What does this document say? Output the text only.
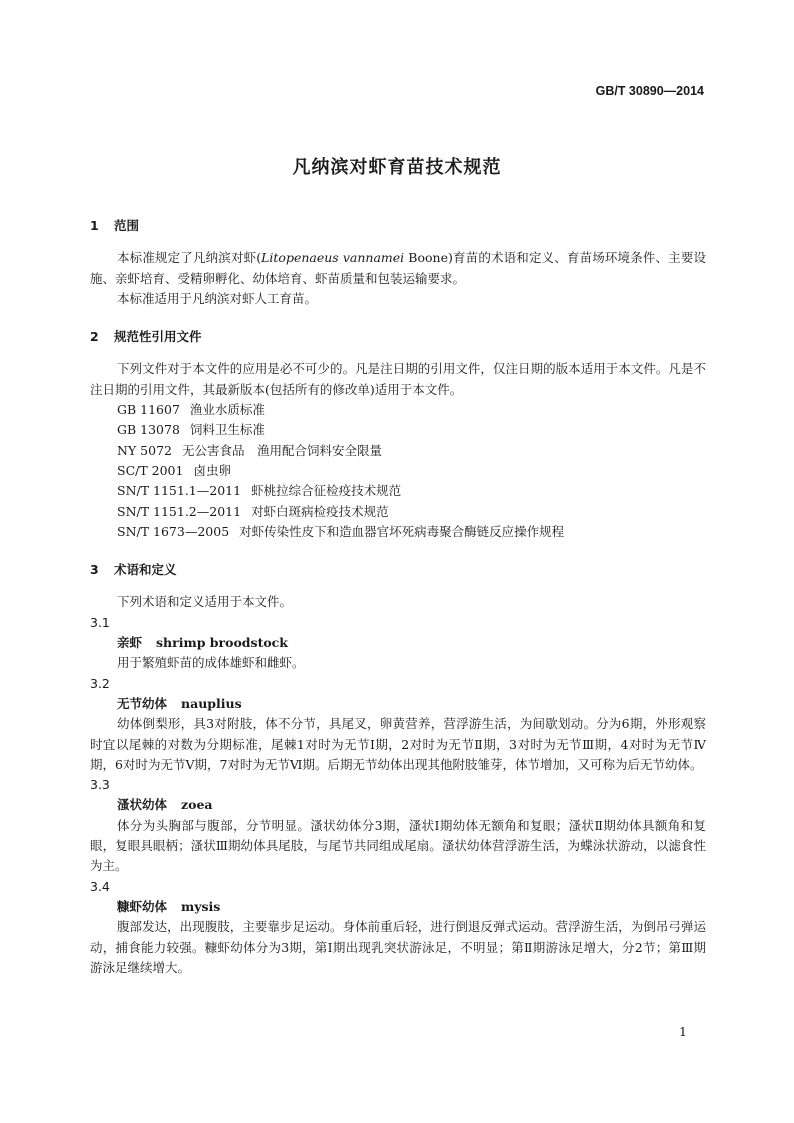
GB/T 30890—2014
凡纳滨对虾育苗技术规范
1 范围
本标准规定了凡纳滨对虾(Litopenaeus vannamei Boone)育苗的术语和定义、育苗场环境条件、主要设施、亲虾培育、受精卵孵化、幼体培育、虾苗质量和包装运输要求。
本标准适用于凡纳滨对虾人工育苗。
2 规范性引用文件
下列文件对于本文件的应用是必不可少的。凡是注日期的引用文件，仅注日期的版本适用于本文件。凡是不注日期的引用文件，其最新版本(包括所有的修改单)适用于本文件。
GB 11607 渔业水质标准
GB 13078 饲料卫生标准
NY 5072 无公害食品　渔用配合饲料安全限量
SC/T 2001 卤虫卵
SN/T 1151.1—2011 虾桃拉综合征检疫技术规范
SN/T 1151.2—2011 对虾白斑病检疫技术规范
SN/T 1673—2005 对虾传染性皮下和造血器官坏死病毒聚合酶链反应操作规程
3 术语和定义
下列术语和定义适用于本文件。
3.1
亲虾 shrimp broodstock
用于繁殖虾苗的成体雄虾和雌虾。
3.2
无节幼体 nauplius
幼体倒梨形，具3对附肢，体不分节，具尾叉，卵黄营养，营浮游生活，为间歇划动。分为6期，外形观察时宜以尾棘的对数为分期标准，尾棘1对时为无节Ⅰ期，2对时为无节Ⅱ期，3对时为无节Ⅲ期，4对时为无节Ⅳ期，6对时为无节Ⅴ期，7对时为无节Ⅵ期。后期无节幼体出现其他附肢雏芽，体节增加，又可称为后无节幼体。
3.3
溞状幼体 zoea
体分为头胸部与腹部，分节明显。溞状幼体分3期，溞状Ⅰ期幼体无额角和复眼；溞状Ⅱ期幼体具额角和复眼，复眼具眼柄；溞状Ⅲ期幼体具尾肢，与尾节共同组成尾扇。溞状幼体营浮游生活，为蝶泳状游动，以滤食性为主。
3.4
糠虾幼体 mysis
腹部发达，出现腹肢，主要靠步足运动。身体前重后轻，进行倒退反弹式运动。营浮游生活，为倒吊弓弹运动，捕食能力较强。糠虾幼体分为3期，第Ⅰ期出现乳突状游泳足，不明显；第Ⅱ期游泳足增大，分2节；第Ⅲ期游泳足继续增大。
1
